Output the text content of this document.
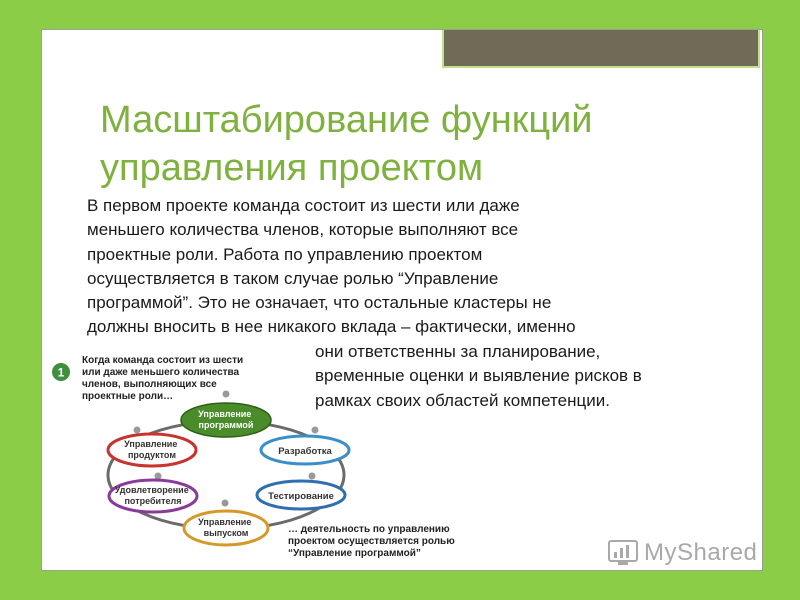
Масштабирование функций
управления проектом

В первом проекте команда состоит из шести или даже
меньшего количества членов, которые выполняют все
проектные роли. Работа по управлению проектом
осуществляется в таком случае ролью “Управление
программой”. Это не означает, что остальные кластеры не
должны вносить в нее никакого вклада – фактически, именно

они ответственны за планирование,
временные оценки и выявление рисков в
рамках своих областей компетенции.

1
Когда команда состоит из шести или даже меньшего количества членов, выполняющих все проектные роли…
Управление программой
Разработка
Тестирование
Управление выпуском
Удовлетворение потребителя
Управление продуктом
… деятельность по управлению проектом осуществляется ролью “Управление программой”	MyShared
